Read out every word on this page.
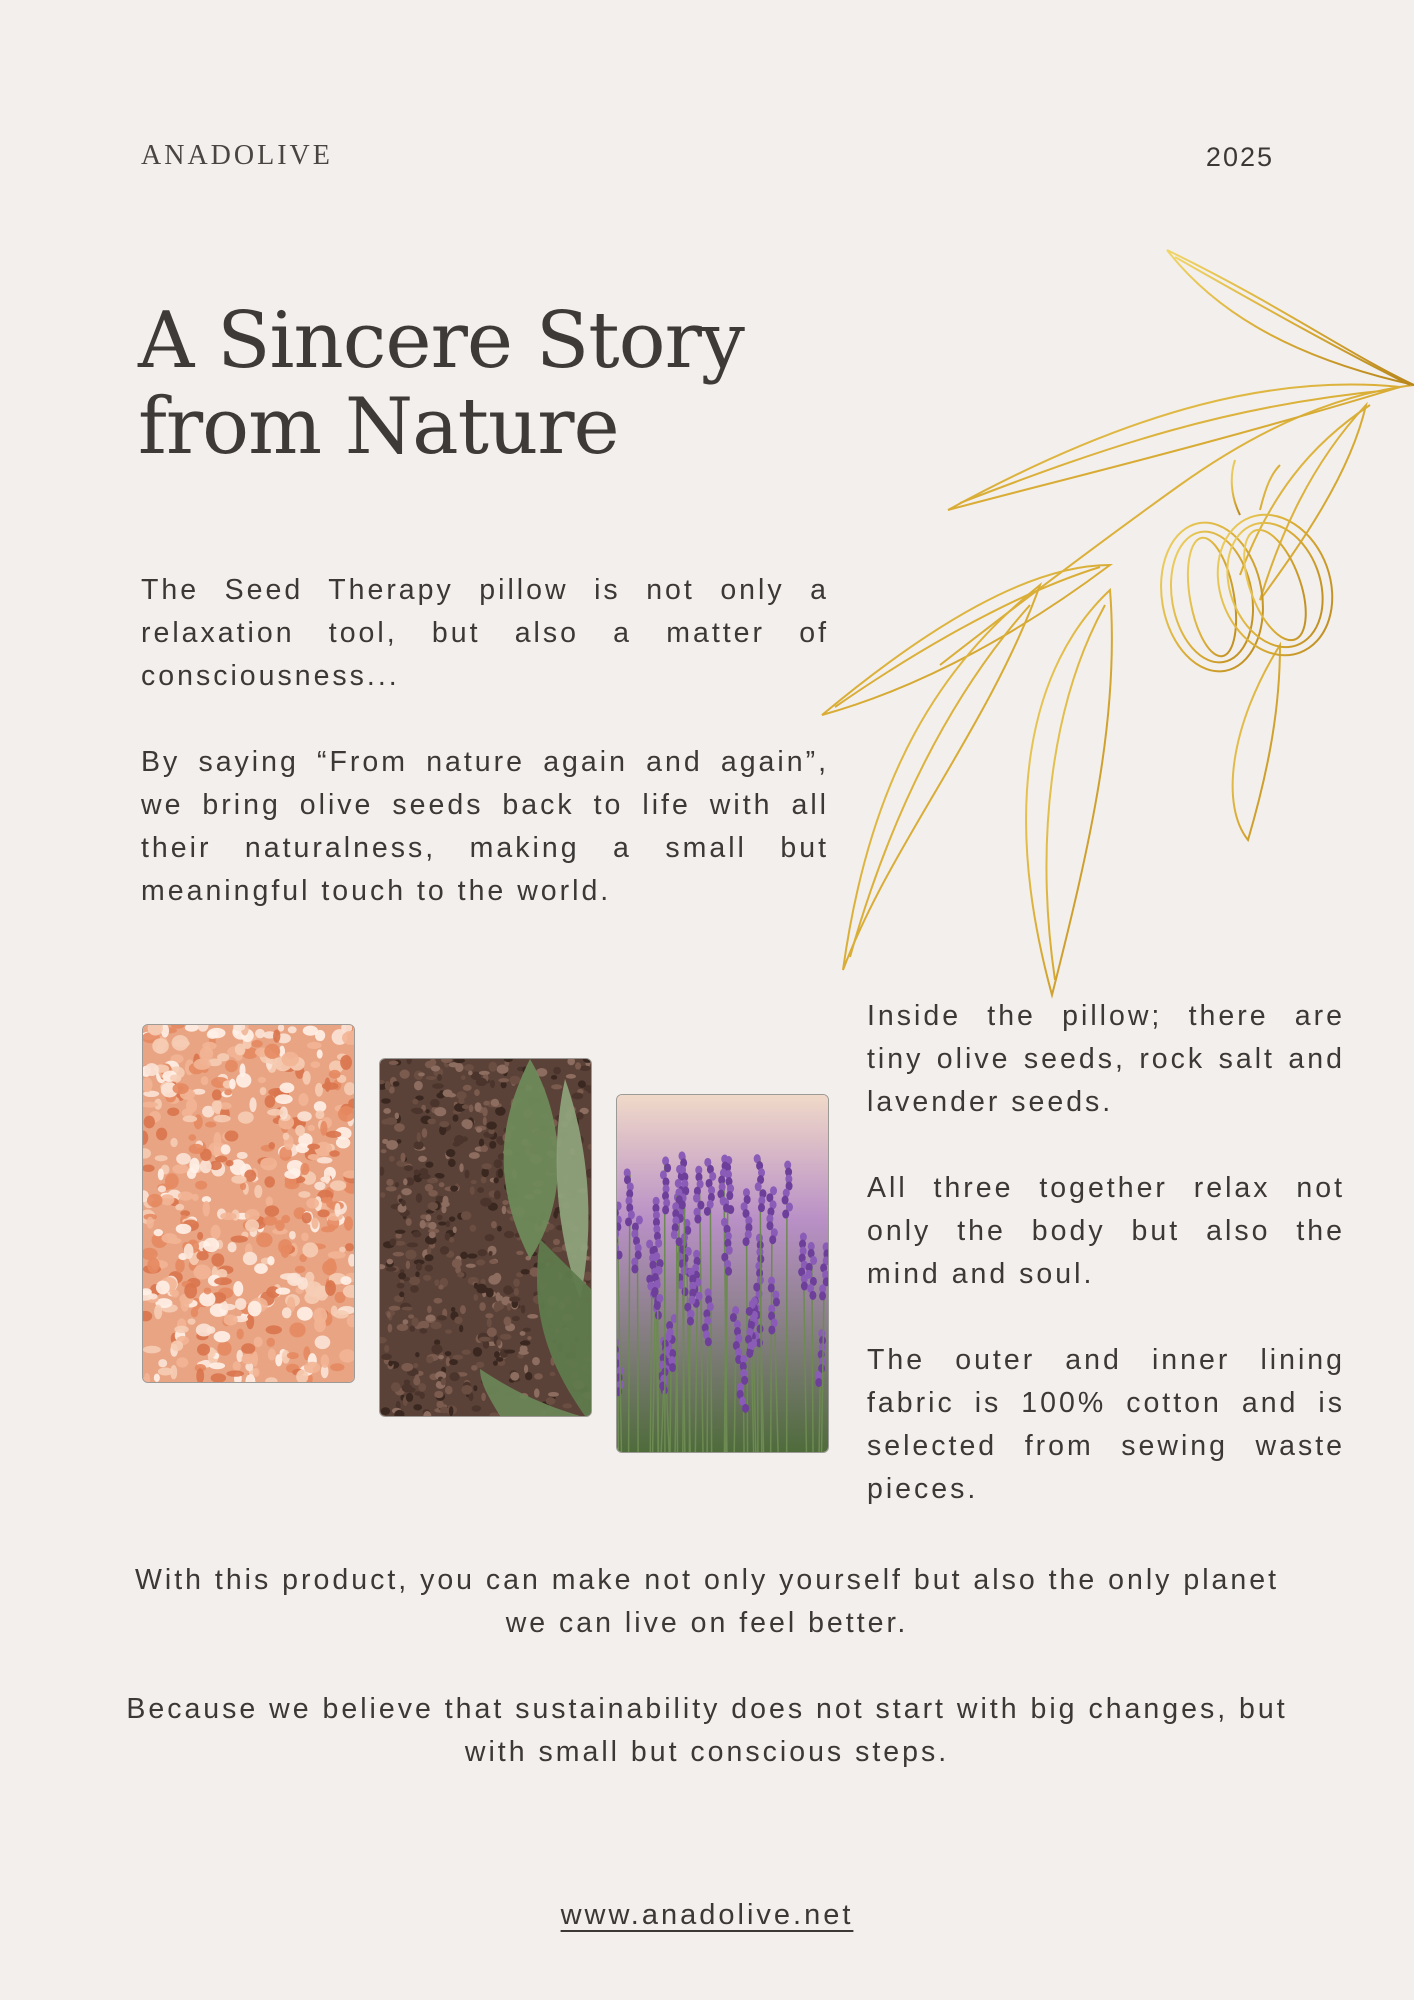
ANADOLIVE	2025
A Sincere Story
from Nature

The Seed Therapy pillow is not only a relaxation tool, but also a matter of consciousness...

By saying “From nature again and again”, we bring olive seeds back to life with all their naturalness, making a small but meaningful touch to the world.

Inside the pillow; there are tiny olive seeds, rock salt and lavender seeds.

All three together relax not only the body but also the mind and soul.

The outer and inner lining fabric is 100% cotton and is selected from sewing waste pieces.

With this product, you can make not only yourself but also the only planet we can live on feel better.

Because we believe that sustainability does not start with big changes, but with small but conscious steps.

www.anadolive.net
